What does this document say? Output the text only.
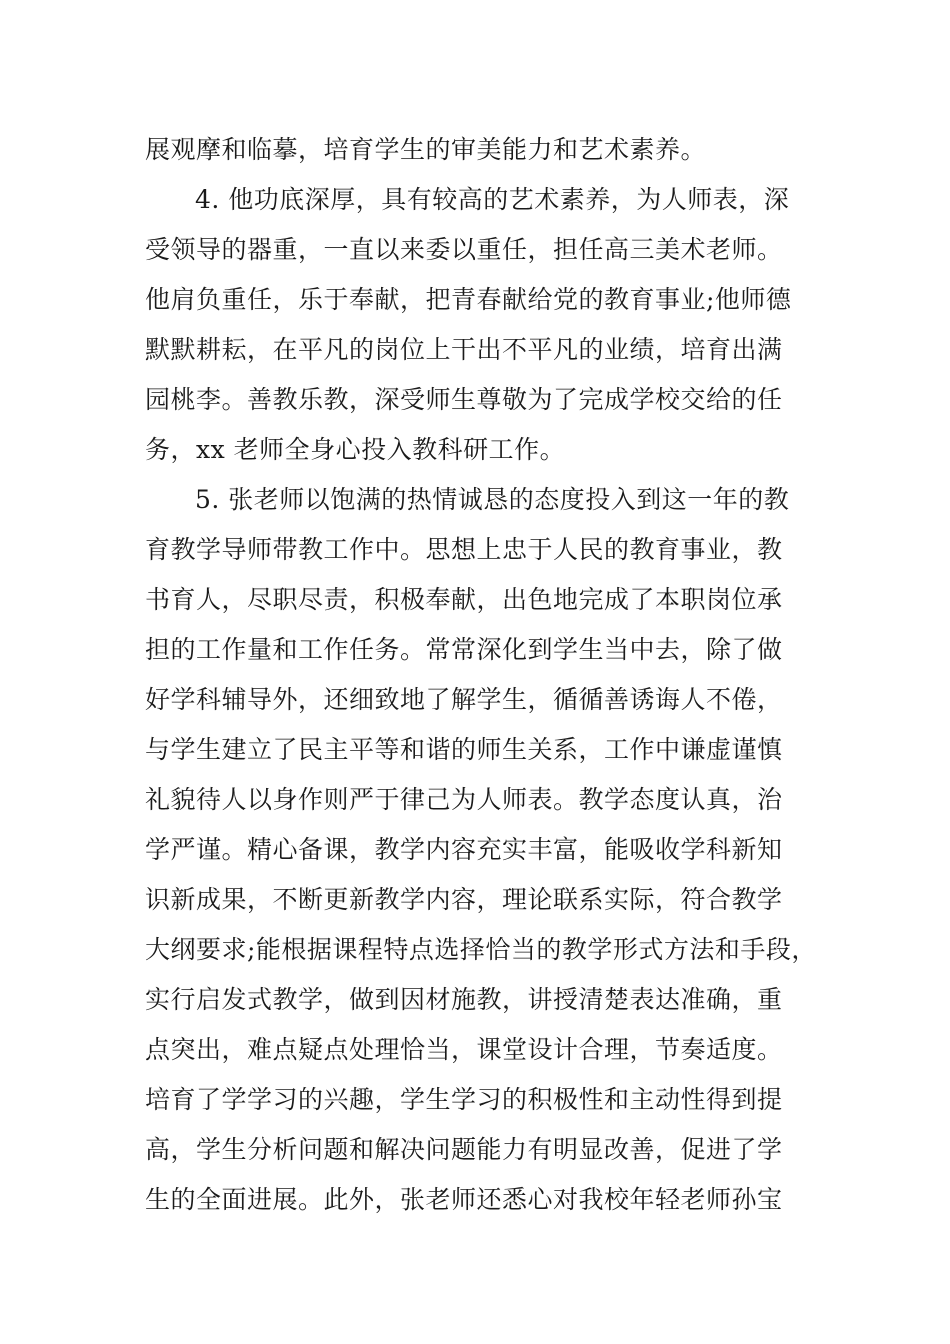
展观摩和临摹，培育学生的审美能力和艺术素养。
4. 他功底深厚，具有较高的艺术素养，为人师表，深
受领导的器重，一直以来委以重任，担任高三美术老师。
他肩负重任，乐于奉献，把青春献给党的教育事业;他师德
默默耕耘，在平凡的岗位上干出不平凡的业绩，培育出满
园桃李。善教乐教，深受师生尊敬为了完成学校交给的任
务，xx 老师全身心投入教科研工作。
5. 张老师以饱满的热情诚恳的态度投入到这一年的教
育教学导师带教工作中。思想上忠于人民的教育事业，教
书育人，尽职尽责，积极奉献，出色地完成了本职岗位承
担的工作量和工作任务。常常深化到学生当中去，除了做
好学科辅导外，还细致地了解学生，循循善诱诲人不倦，
与学生建立了民主平等和谐的师生关系，工作中谦虚谨慎
礼貌待人以身作则严于律己为人师表。教学态度认真，治
学严谨。精心备课，教学内容充实丰富，能吸收学科新知
识新成果，不断更新教学内容，理论联系实际，符合教学
大纲要求;能根据课程特点选择恰当的教学形式方法和手段，
实行启发式教学，做到因材施教，讲授清楚表达准确，重
点突出，难点疑点处理恰当，课堂设计合理，节奏适度。
培育了学学习的兴趣，学生学习的积极性和主动性得到提
高，学生分析问题和解决问题能力有明显改善，促进了学
生的全面进展。此外，张老师还悉心对我校年轻老师孙宝
